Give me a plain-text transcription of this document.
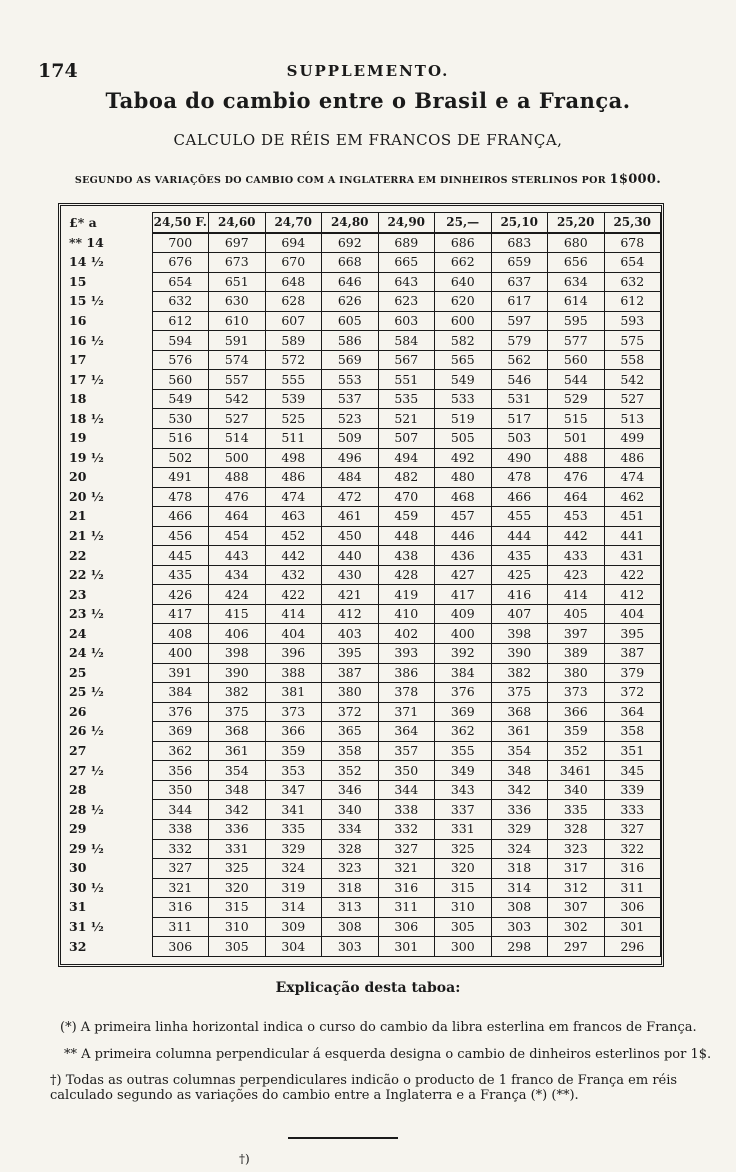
174	SUPPLEMENTO.
Taboa do cambio entre o Brasil e a França.
CALCULO DE RÉIS EM FRANCOS DE FRANÇA,
SEGUNDO AS VARIAÇÕES DO CAMBIO COM A INGLATERRA EM DINHEIROS STERLINOS POR 1$000.
£* a	24,50 F.	24,60	24,70	24,80	24,90	25,—	25,10	25,20	25,30
** 14	700	697	694	692	689	686	683	680	678
14 ½	676	673	670	668	665	662	659	656	654
15	654	651	648	646	643	640	637	634	632
15 ½	632	630	628	626	623	620	617	614	612
16	612	610	607	605	603	600	597	595	593
16 ½	594	591	589	586	584	582	579	577	575
17	576	574	572	569	567	565	562	560	558
17 ½	560	557	555	553	551	549	546	544	542
18	549	542	539	537	535	533	531	529	527
18 ½	530	527	525	523	521	519	517	515	513
19	516	514	511	509	507	505	503	501	499
19 ½	502	500	498	496	494	492	490	488	486
20	491	488	486	484	482	480	478	476	474
20 ½	478	476	474	472	470	468	466	464	462
21	466	464	463	461	459	457	455	453	451
21 ½	456	454	452	450	448	446	444	442	441
22	445	443	442	440	438	436	435	433	431
22 ½	435	434	432	430	428	427	425	423	422
23	426	424	422	421	419	417	416	414	412
23 ½	417	415	414	412	410	409	407	405	404
24	408	406	404	403	402	400	398	397	395
24 ½	400	398	396	395	393	392	390	389	387
25	391	390	388	387	386	384	382	380	379
25 ½	384	382	381	380	378	376	375	373	372
26	376	375	373	372	371	369	368	366	364
26 ½	369	368	366	365	364	362	361	359	358
27	362	361	359	358	357	355	354	352	351
27 ½	356	354	353	352	350	349	348	3461	345
28	350	348	347	346	344	343	342	340	339
28 ½	344	342	341	340	338	337	336	335	333
29	338	336	335	334	332	331	329	328	327
29 ½	332	331	329	328	327	325	324	323	322
30	327	325	324	323	321	320	318	317	316
30 ½	321	320	319	318	316	315	314	312	311
31	316	315	314	313	311	310	308	307	306
31 ½	311	310	309	308	306	305	303	302	301
32	306	305	304	303	301	300	298	297	296
†)
Explicação desta taboa:
(*) A primeira linha horizontal indica o curso do cambio da libra esterlina em francos de França.
** A primeira columna perpendicular á esquerda designa o cambio de dinheiros esterlinos por 1$.
†) Todas as outras columnas perpendiculares indicão o producto de 1 franco de França em réis calculado segundo as variações do cambio entre a Inglaterra e a França (*) (**).
